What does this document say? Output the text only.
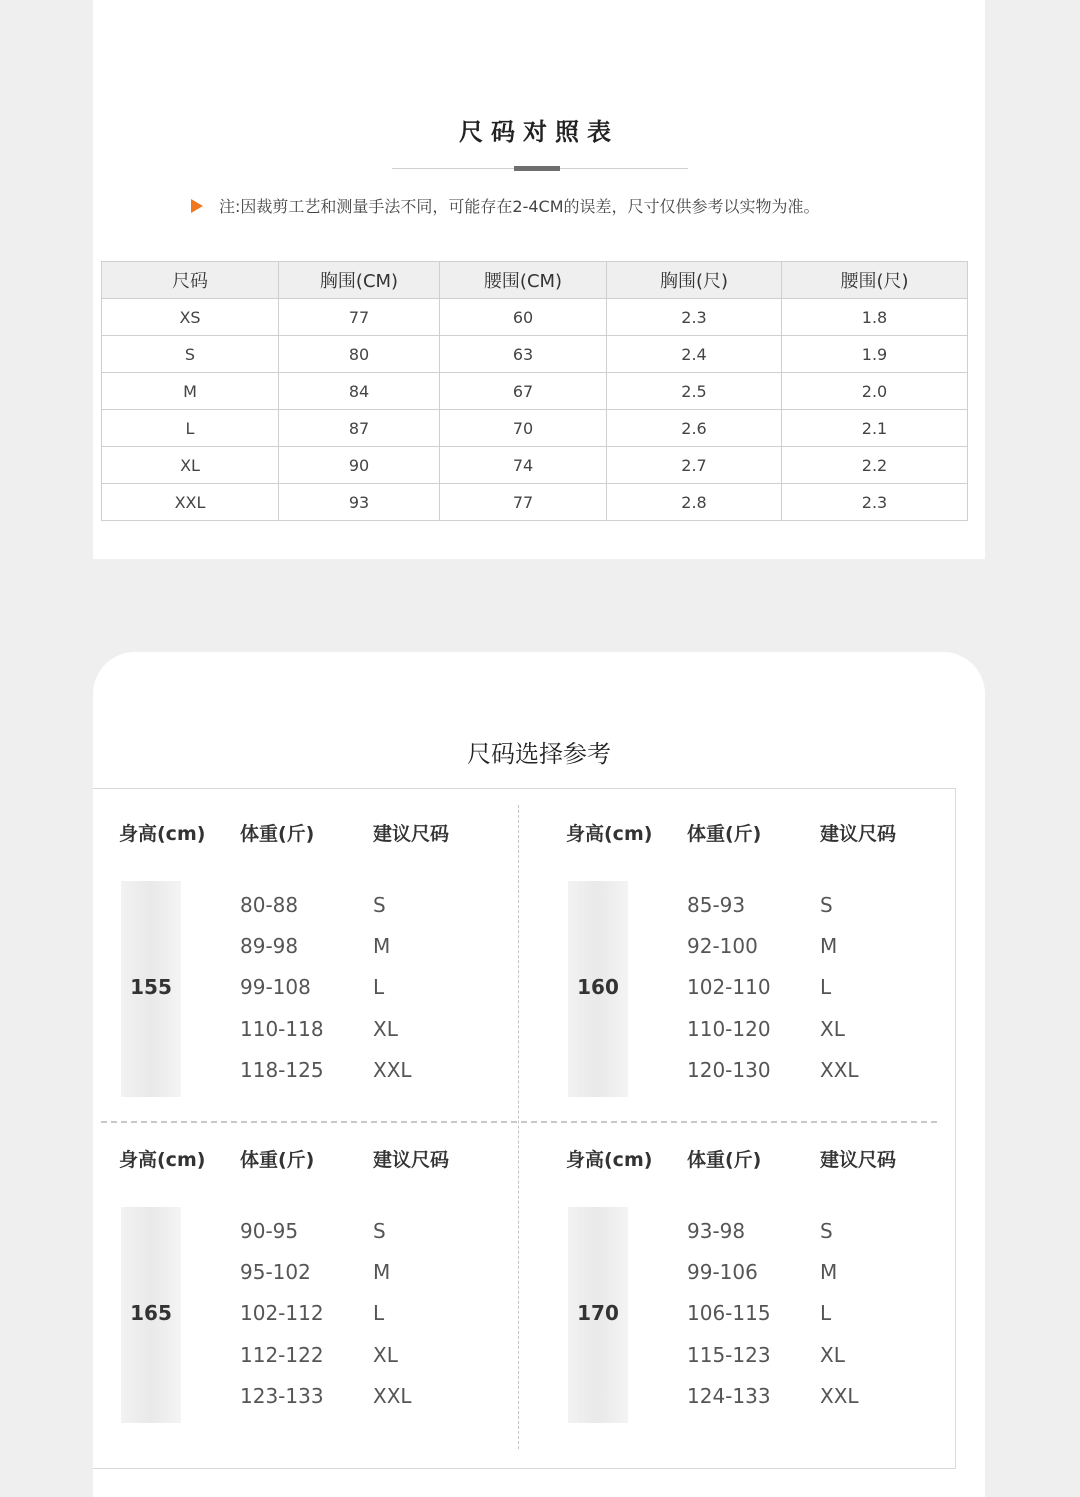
尺码对照表
注:因裁剪工艺和测量手法不同，可能存在2-4CM的误差，尺寸仅供参考以实物为准。
尺码	胸围(CM)	腰围(CM)	胸围(尺)	腰围(尺)
XS	77	60	2.3	1.8
S	80	63	2.4	1.9
M	84	67	2.5	2.0
L	87	70	2.6	2.1
XL	90	74	2.7	2.2
XXL	93	77	2.8	2.3
尺码选择参考
身高(cm) 体重(斤)	建议尺码
155
80-88	S
89-98	M
99-108	L
110-118 XL
118-125 XXL
身高(cm) 体重(斤)	建议尺码
160
85-93	S
92-100	M
102-110 L
110-120 XL
120-130 XXL
身高(cm) 体重(斤)	建议尺码
165
90-95	S
95-102	M
102-112 L
112-122 XL
123-133 XXL
身高(cm) 体重(斤)	建议尺码
170
93-98	S
99-106	M
106-115 L
115-123 XL
124-133 XXL
